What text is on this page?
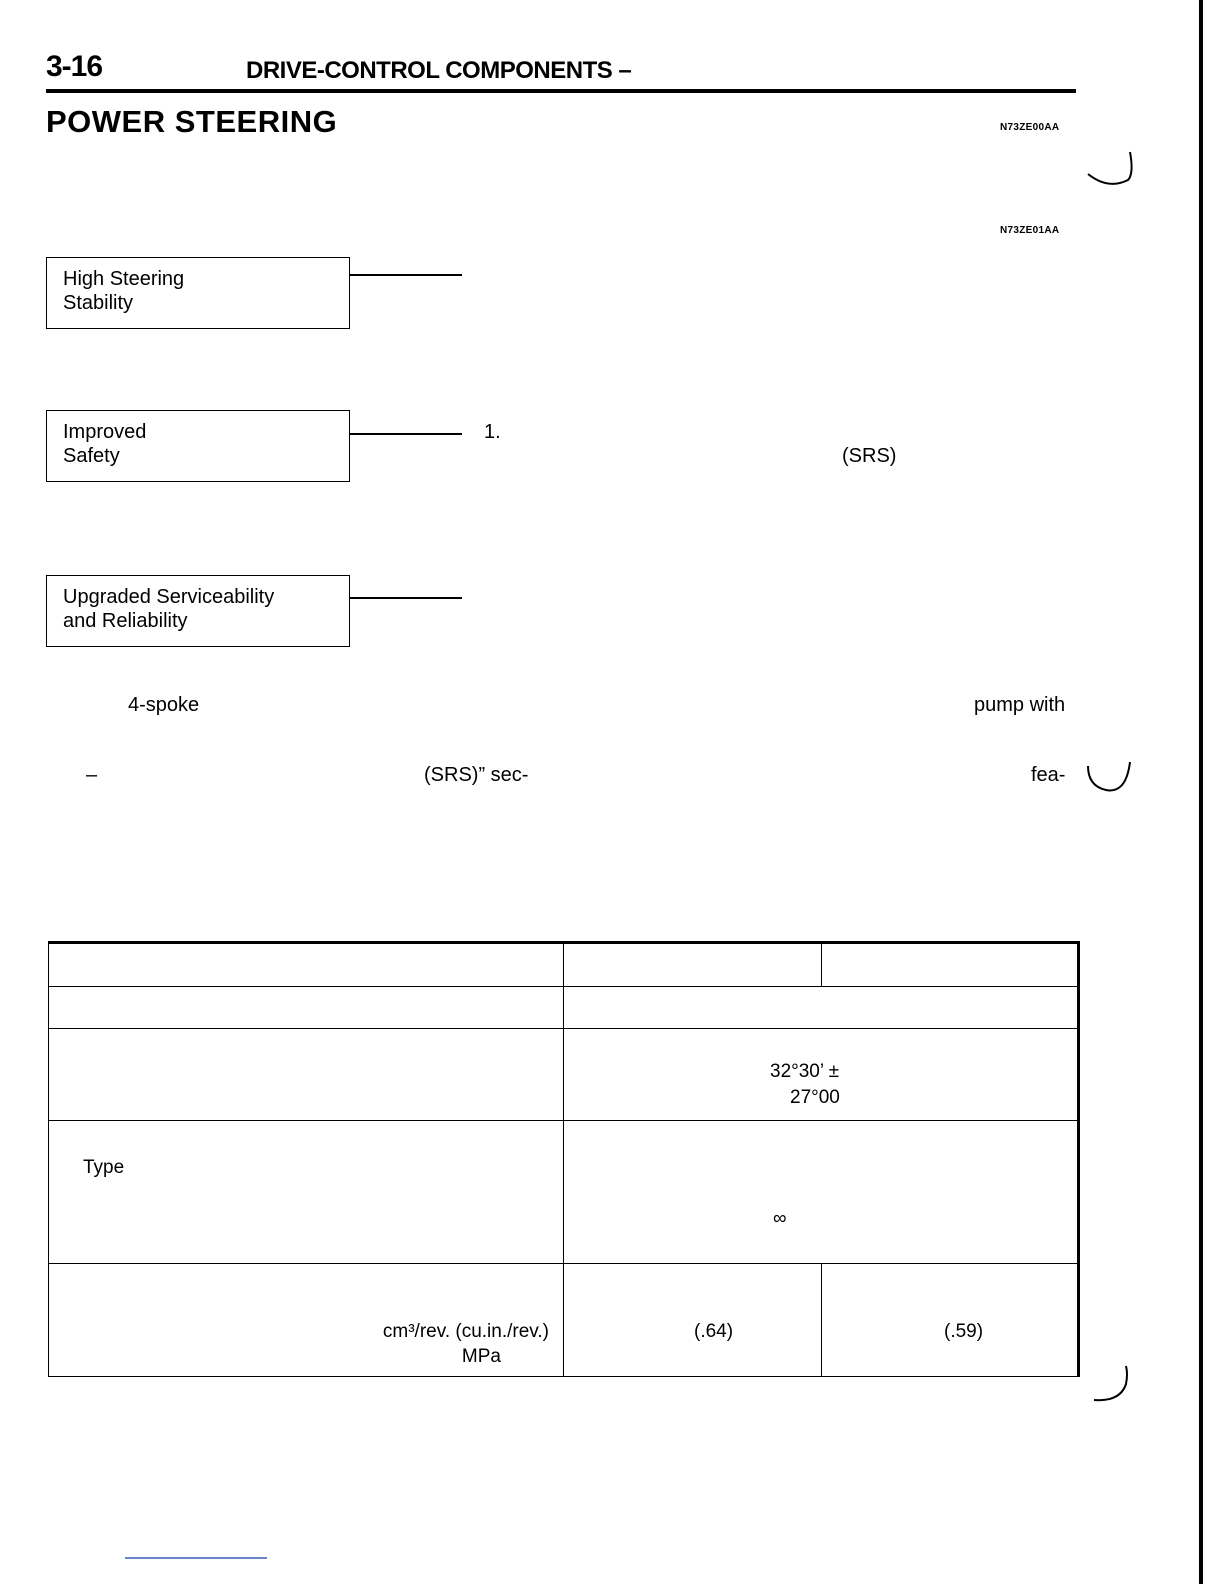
3-16	DRIVE-CONTROL COMPONENTS –
POWER STEERING	N73ZE00AA
N73ZE01AA
High Steering
Stability
Improved
Safety
1.
(SRS)
Upgraded Serviceability
and Reliability
4-spoke	pump with
–	(SRS)” sec-	fea-

	32°30’ ±
27°00	

Type	∞	

cm³/rev. (cu.in./rev.)
MPa	(.64)	(.59)
